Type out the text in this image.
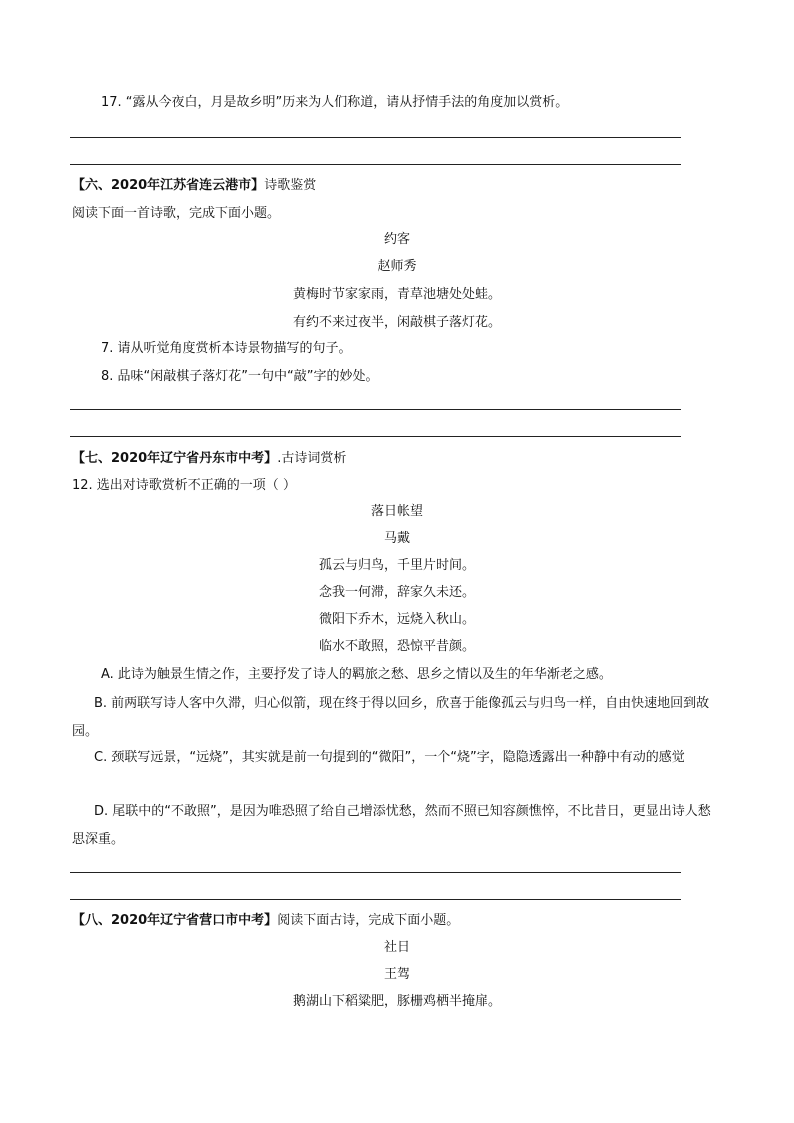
17. “露从今夜白，月是故乡明”历来为人们称道，请从抒情手法的角度加以赏析。
【六、2020年江苏省连云港市】诗歌鉴赏
阅读下面一首诗歌，完成下面小题。
约客
赵师秀
黄梅时节家家雨，青草池塘处处蛙。
有约不来过夜半，闲敲棋子落灯花。
7. 请从听觉角度赏析本诗景物描写的句子。
8. 品味“闲敲棋子落灯花”一句中“敲”字的妙处。
【七、2020年辽宁省丹东市中考】.古诗词赏析
12. 选出对诗歌赏析不正确的一项（ ）
落日帐望
马戴
孤云与归鸟，千里片时间。
念我一何滞，辞家久未还。
微阳下乔木，远烧入秋山。
临水不敢照，恐惊平昔颜。
A. 此诗为触景生情之作，主要抒发了诗人的羁旅之愁、思乡之情以及生的年华渐老之感。
B. 前两联写诗人客中久滞，归心似箭，现在终于得以回乡，欣喜于能像孤云与归鸟一样，自由快速地回到故园。
C. 颈联写远景，“远烧”，其实就是前一句提到的“微阳”，一个“烧”字，隐隐透露出一种静中有动的感觉
D. 尾联中的“不敢照”，是因为唯恐照了给自己增添忧愁，然而不照已知容颜憔悴，不比昔日，更显出诗人愁思深重。
【八、2020年辽宁省营口市中考】阅读下面古诗，完成下面小题。
社日
王驾
鹅湖山下稻粱肥，豚栅鸡栖半掩扉。
